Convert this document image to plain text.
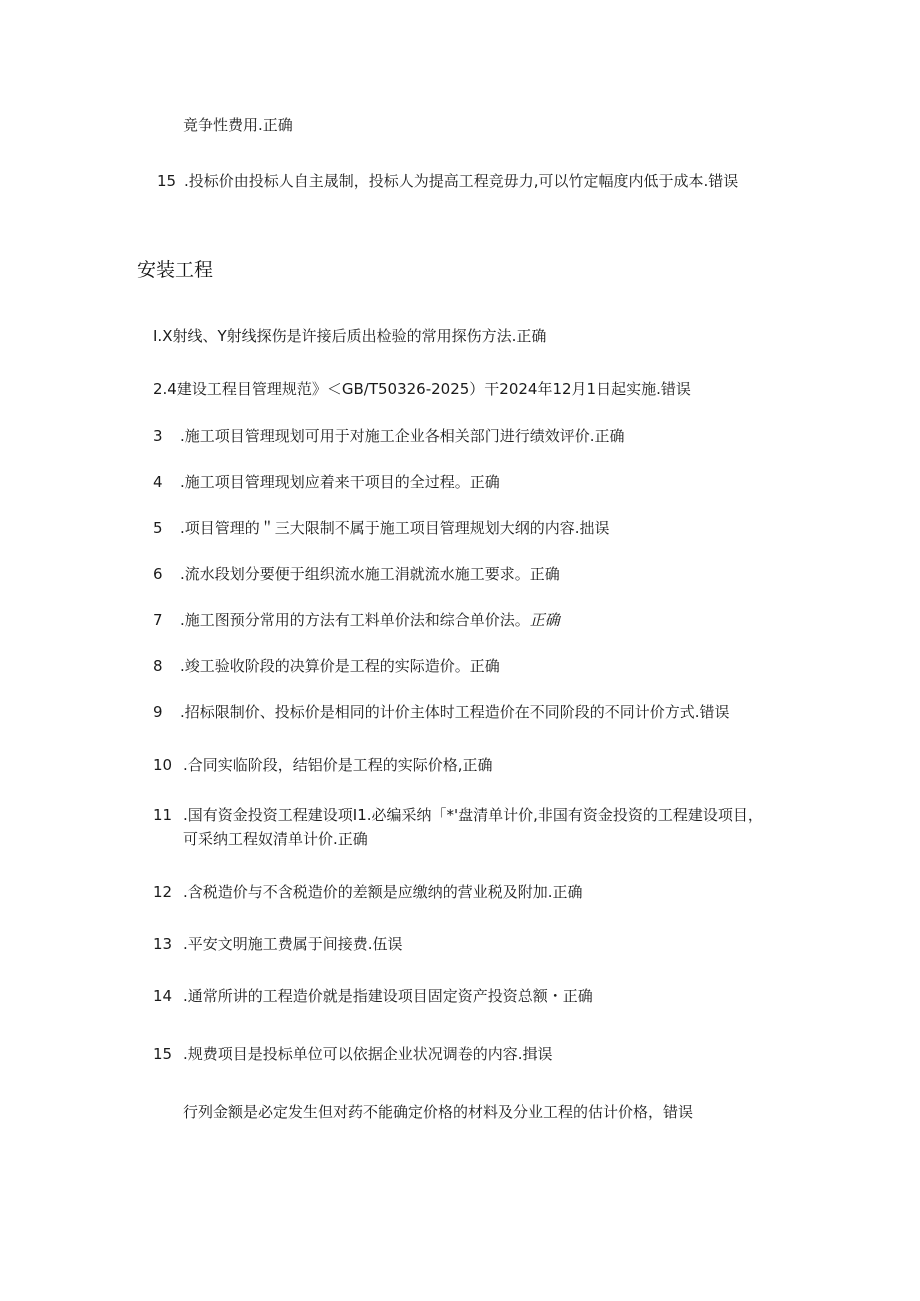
竟争性费用.正确
15 .投标价由投标人自主晟制，投标人为提高工程竞毋力,可以竹定幅度内低于成本.错误
安装工程
I.X射线、Y射线探伤是许接后质出检验的常用探伤方法.正确
2.4建设工程目管理规范》＜GB/T50326-2025）干2024年12月1日起实施.错误
3 .施工项目管理现划可用于对施工企业各相关部门进行绩效评价.正确
4 .施工项目管理现划应着来干项目的全过程。正确
5 .项目管理的＂三大限制不属于施工项目管理规划大纲的内容.拙误
6 .流水段划分要便于组织流水施工涓就流水施工要求。正确
7 .施工图预分常用的方法有工料单价法和综合单价法。正确
8 .竣工验收阶段的决算价是工程的实际造价。正确
9 .招标限制价、投标价是相同的计价主体时工程造价在不同阶段的不同计价方式.错误
10 .合同实临阶段，结铝价是工程的实际价格,正确
11 .国有资金投资工程建设项I1.必编采纳「*'盘清单计价,非国有资金投资的工程建设项目，
可采纳工程奴清单计价.正确
12 .含税造价与不含税造价的差额是应缴纳的营业税及附加.正确
13 .平安文明施工费属于间接费.伍误
14 .通常所讲的工程造价就是指建设项目固定资产投资总额・正确
15 .规费项目是投标单位可以依据企业状况调卷的内容.揖误
行列金额是必定发生但对药不能确定价格的材料及分业工程的估计价格，错误
